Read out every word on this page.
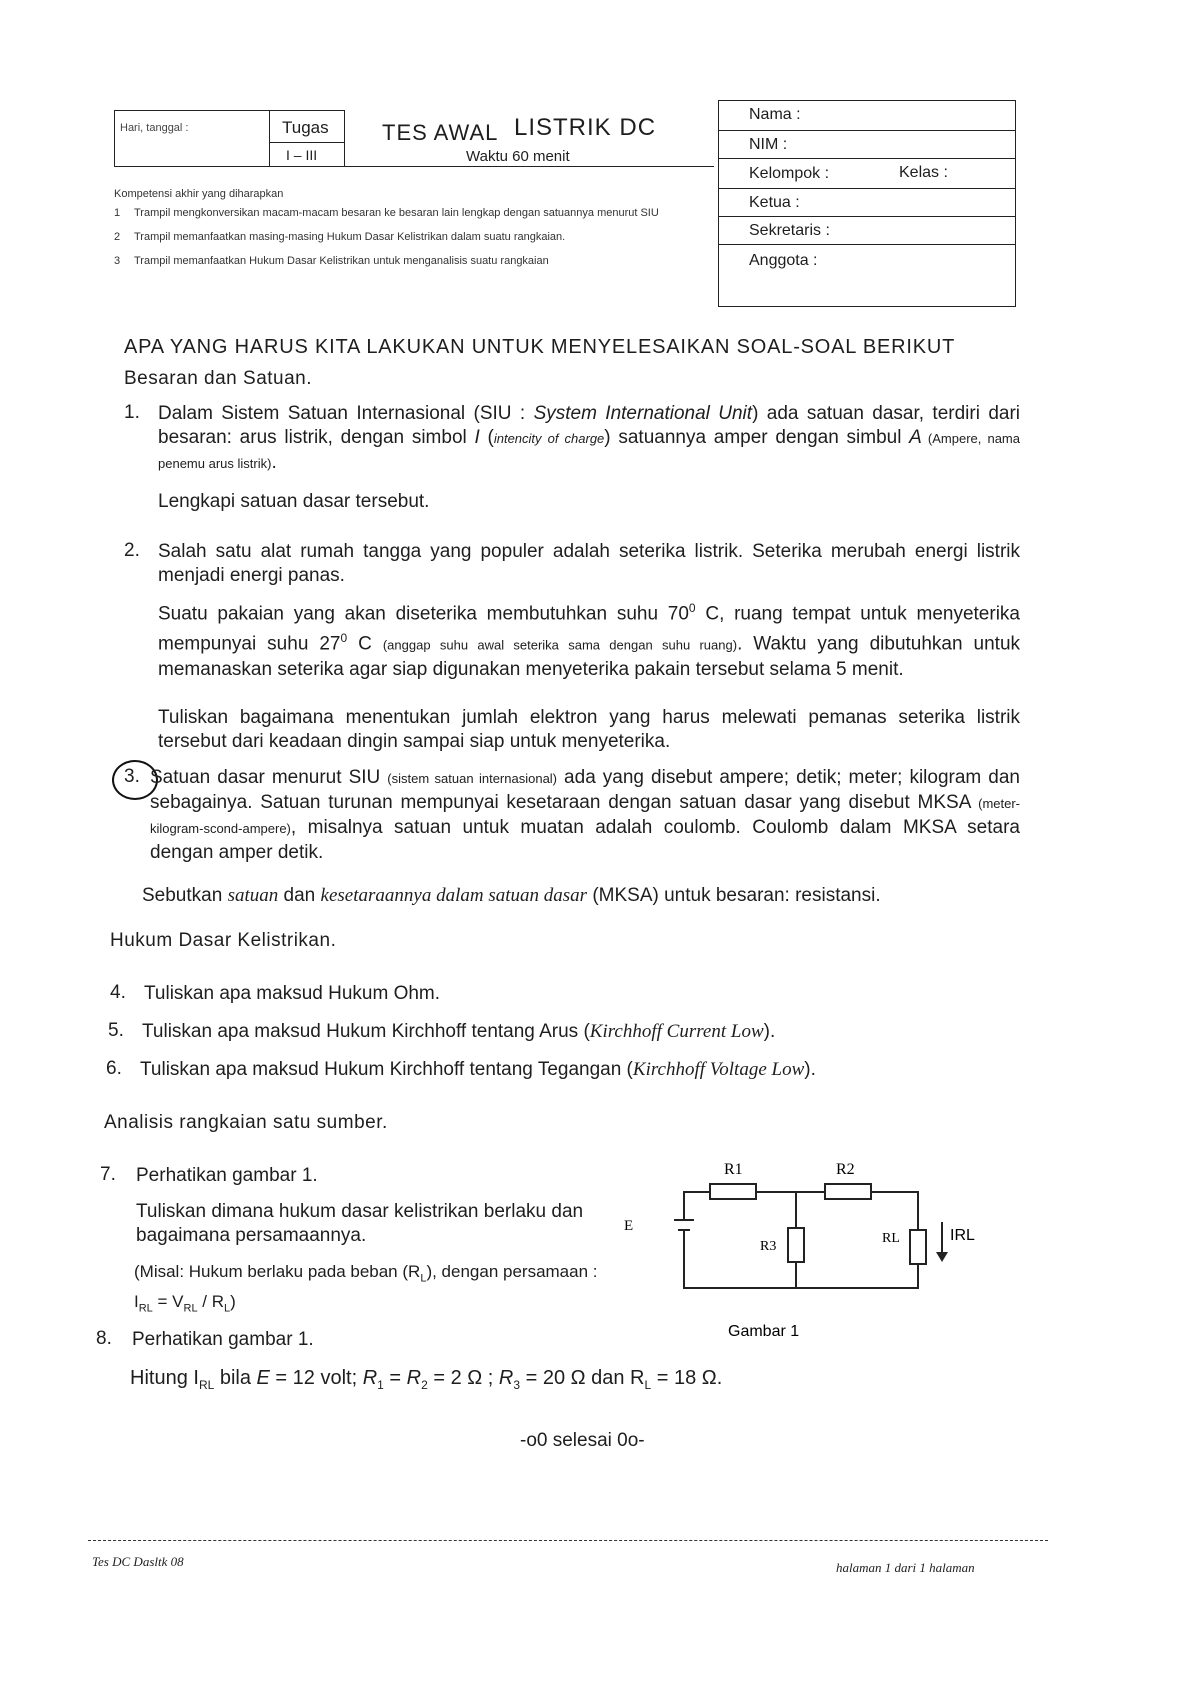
Hari, tanggal :	Tugas
I – III
TES AWAL LISTRIK DC
Waktu 60 menit
Kompetensi akhir yang diharapkan
1	Trampil mengkonversikan macam-macam besaran ke besaran lain lengkap dengan satuannya menurut SIU
2	Trampil memanfaatkan masing-masing Hukum Dasar Kelistrikan dalam suatu rangkaian.
3	Trampil memanfaatkan Hukum Dasar Kelistrikan untuk menganalisis suatu rangkaian
Nama :
NIM :
Kelompok :	Kelas :
Ketua :
Sekretaris :
Anggota :
APA YANG HARUS KITA LAKUKAN UNTUK MENYELESAIKAN SOAL-SOAL BERIKUT
Besaran dan Satuan.
1. Dalam Sistem Satuan Internasional (SIU : System International Unit) ada satuan dasar, terdiri dari besaran: arus listrik, dengan simbol I (intencity of charge) satuannya amper dengan simbul A (Ampere, nama penemu arus listrik).
Lengkapi satuan dasar tersebut.
2. Salah satu alat rumah tangga yang populer adalah seterika listrik. Seterika merubah energi listrik menjadi energi panas.
Suatu pakaian yang akan diseterika membutuhkan suhu $70^0$ C, ruang tempat untuk menyeterika mempunyai suhu $27^0$ C (anggap suhu awal seterika sama dengan suhu ruang). Waktu yang dibutuhkan untuk memanaskan seterika agar siap digunakan menyeterika pakain tersebut selama 5 menit.
Tuliskan bagaimana menentukan jumlah elektron yang harus melewati pemanas seterika listrik tersebut dari keadaan dingin sampai siap untuk menyeterika.
3. Satuan dasar menurut SIU (sistem satuan internasional) ada yang disebut ampere; detik; meter; kilogram dan sebagainya. Satuan turunan mempunyai kesetaraan dengan satuan dasar yang disebut MKSA (meter-kilogram-scond-ampere), misalnya satuan untuk muatan adalah coulomb. Coulomb dalam MKSA setara dengan amper detik.
Sebutkan satuan dan kesetaraannya dalam satuan dasar (MKSA) untuk besaran: resistansi.
Hukum Dasar Kelistrikan.
4. Tuliskan apa maksud Hukum Ohm.
5. Tuliskan apa maksud Hukum Kirchhoff tentang Arus (Kirchhoff Current Low).
6. Tuliskan apa maksud Hukum Kirchhoff tentang Tegangan (Kirchhoff Voltage Low).
Analisis rangkaian satu sumber.
7. Perhatikan gambar 1.
Tuliskan dimana hukum dasar kelistrikan berlaku dan bagaimana persamaannya.
(Misal: Hukum berlaku pada beban $(R_L)$, dengan persamaan : $I_{RL} = V_{RL} / R_L$)
8. Perhatikan gambar 1.
Hitung $I_{RL}$ bila E = 12 volt; $R_1 = R_2 = 2$ Ω ; $R_3 = 20$ Ω dan $R_L = 18$ Ω.
R1	R2
R3
RL
E
IRL
Gambar 1
-o0 selesai 0o-
Tes DC Dasltk 08	halaman 1 dari 1 halaman
